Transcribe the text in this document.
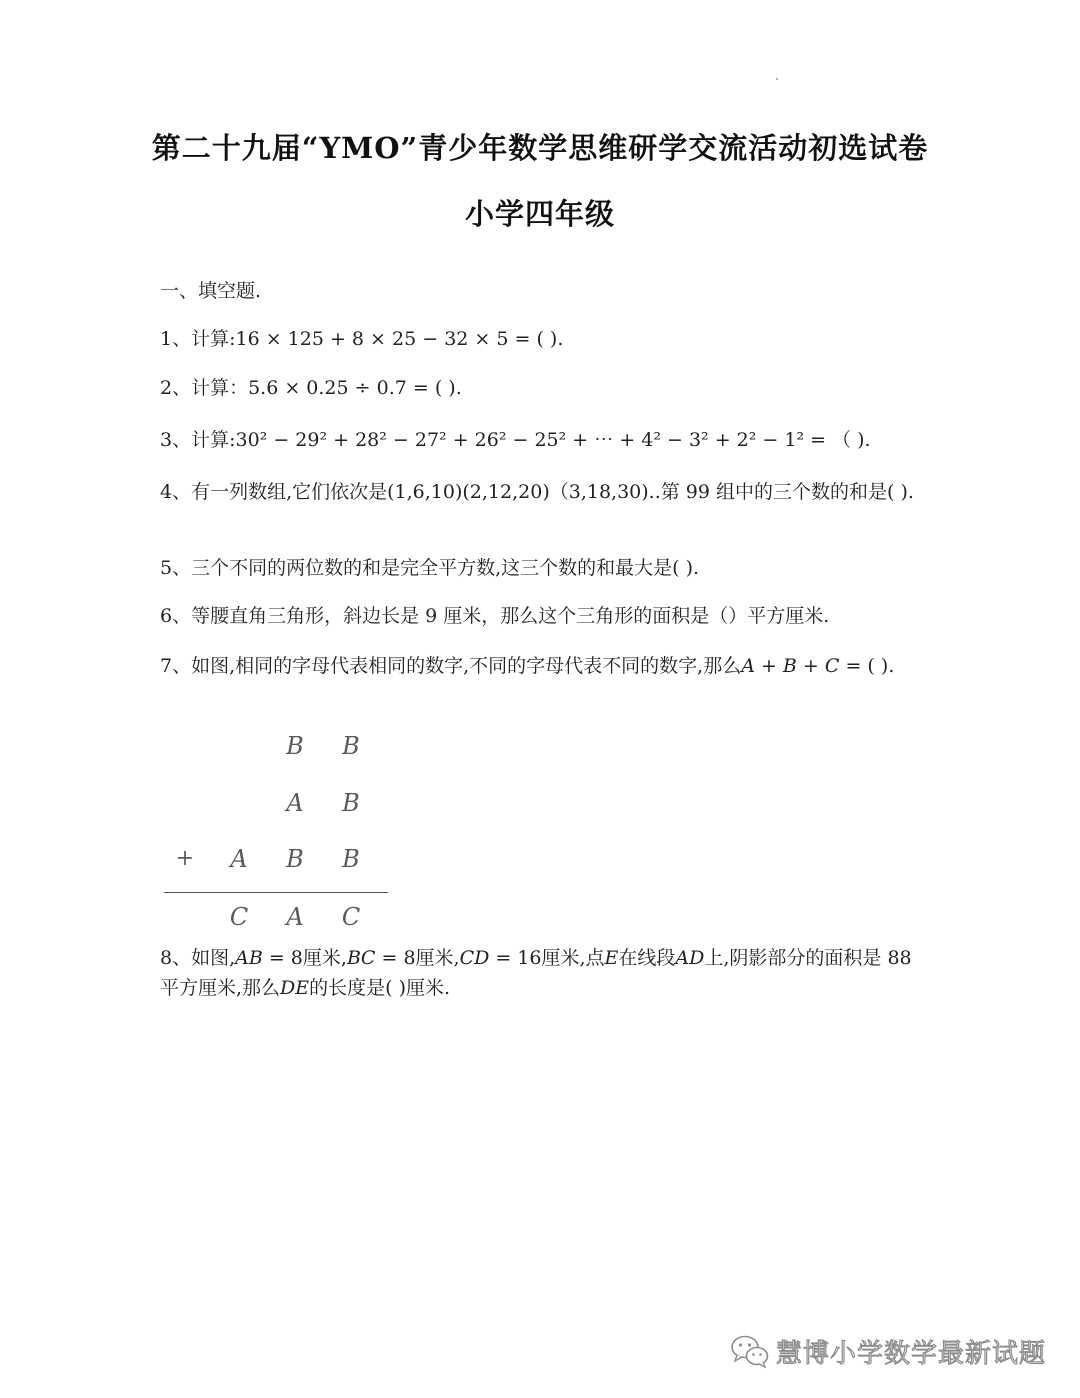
第二十九届“YMO”青少年数学思维研学交流活动初选试卷
小学四年级
一、填空题.
1、计算:16 × 125 + 8 × 25 − 32 × 5 = ( ).
2、计算：5.6 × 0.25 ÷ 0.7 = ( ).
3、计算:30² − 29² + 28² − 27² + 26² − 25² + ⋯ + 4² − 3² + 2² − 1² = （ ).
4、有一列数组,它们依次是(1,6,10)(2,12,20)（3,18,30)..第 99 组中的三个数的和是( ).
5、三个不同的两位数的和是完全平方数,这三个数的和最大是( ).
6、等腰直角三角形，斜边长是 9 厘米，那么这个三角形的面积是（）平方厘米.
7、如图,相同的字母代表相同的数字,不同的字母代表不同的数字,那么𝐴 + 𝐵 + 𝐶 = ( ).
B B
A B
+ A B B
C A C
8、如图,𝐴𝐵 = 8厘米,𝐵𝐶 = 8厘米,𝐶𝐷 = 16厘米,点𝐸在线段𝐴𝐷上,阴影部分的面积是 88 平方厘米,那么𝐷𝐸的长度是( )厘米.
慧博小学数学最新试题
